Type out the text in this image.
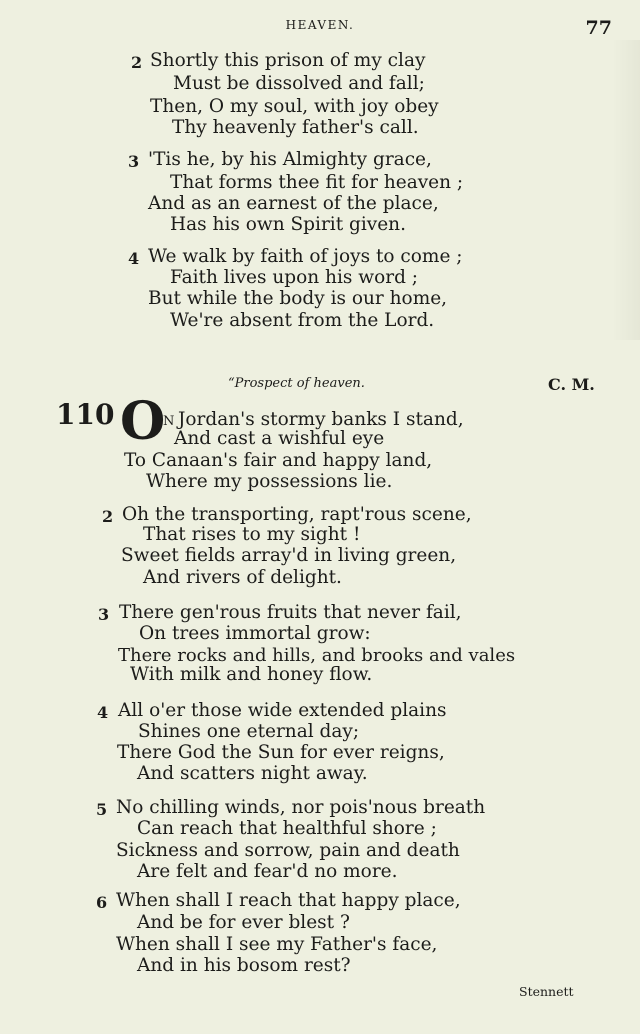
HEAVEN.	77
2 Shortly this prison of my clay
Must be dissolved and fall;
Then, O my soul, with joy obey
Thy heavenly father's call.
3 'Tis he, by his Almighty grace,
That forms thee fit for heaven ;
And as an earnest of the place,
Has his own Spirit given.
4 We walk by faith of joys to come ;
Faith lives upon his word ;
But while the body is our home,
We're absent from the Lord.
“Prospect of heaven.	C. M.
110 O
N Jordan's stormy banks I stand,
And cast a wishful eye
To Canaan's fair and happy land,
Where my possessions lie.
2 Oh the transporting, rapt'rous scene,
That rises to my sight !
Sweet fields array'd in living green,
And rivers of delight.
3 There gen'rous fruits that never fail,
On trees immortal grow:
There rocks and hills, and brooks and vales
With milk and honey flow.
4 All o'er those wide extended plains
Shines one eternal day;
There God the Sun for ever reigns,
And scatters night away.
5 No chilling winds, nor pois'nous breath
Can reach that healthful shore ;
Sickness and sorrow, pain and death
Are felt and fear'd no more.
6 When shall I reach that happy place,
And be for ever blest ?
When shall I see my Father's face,
And in his bosom rest?
Stennett
